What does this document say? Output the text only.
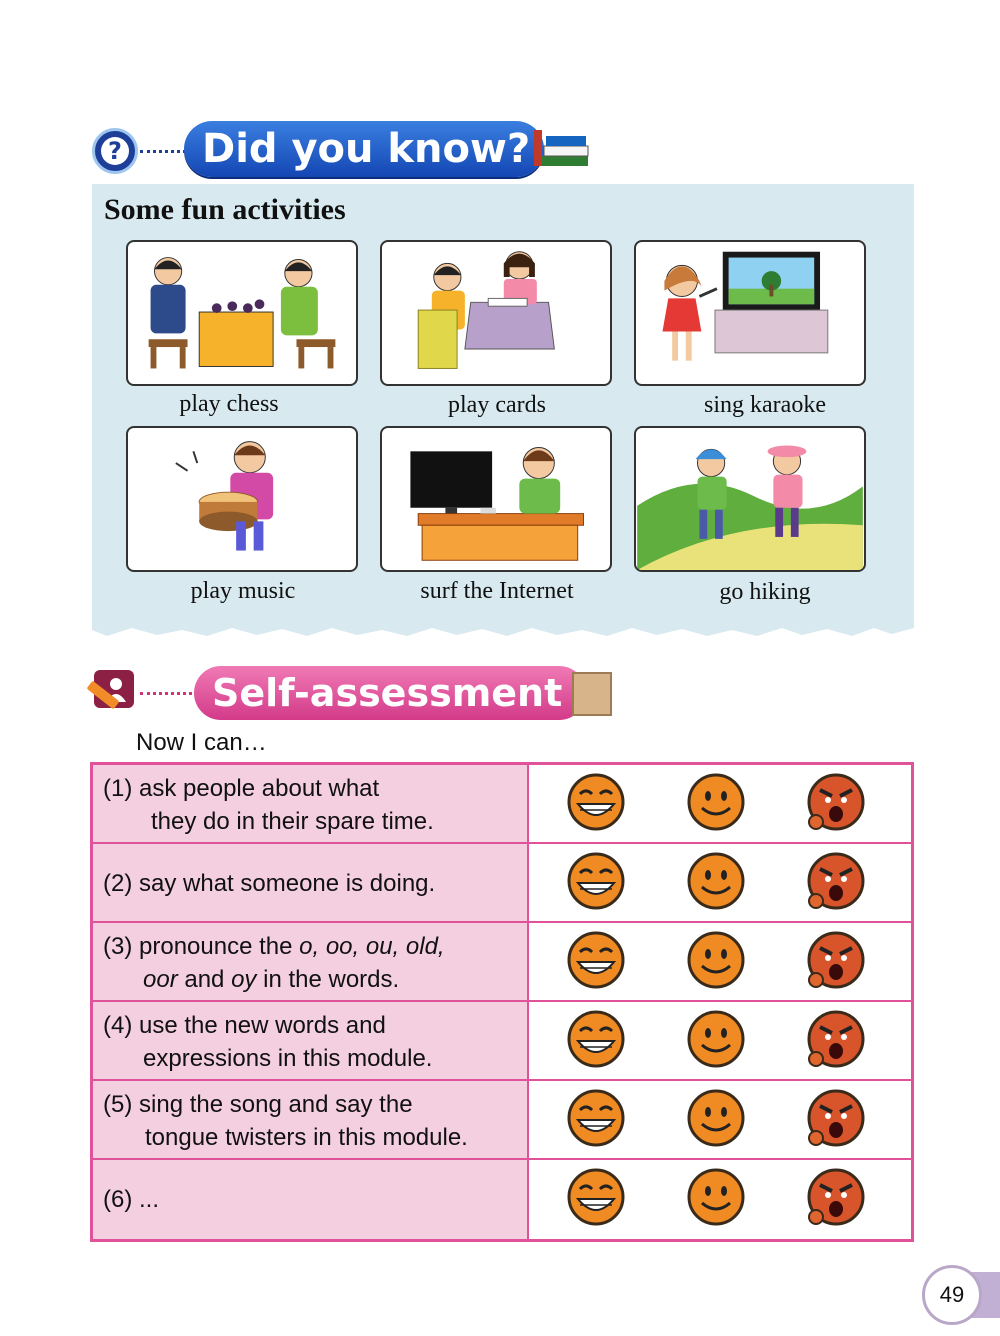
?	Did you know?
Some fun activities
play chess	play cards	sing karaoke
play music	surf the Internet	go hiking
Self-assessment
Now I can…
(1) ask people about what
they do in their spare time.
(2) say what someone is doing.
(3) pronounce the o, oo, ou, old,
oor and oy in the words.
(4) use the new words and
expressions in this module.
(5) sing the song and say the
tongue twisters in this module.
(6) ...
49
